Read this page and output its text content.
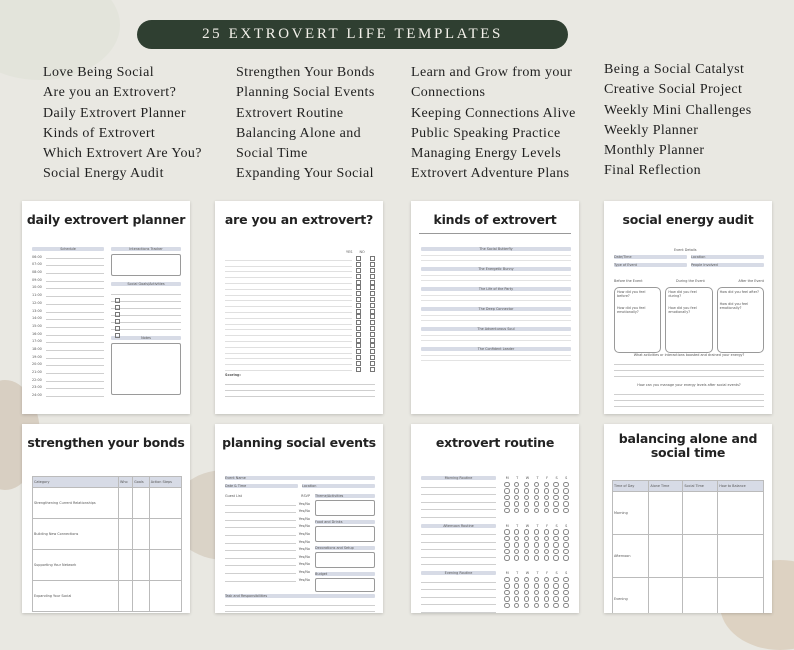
25 EXTROVERT LIFE TEMPLATES
Love Being Social
Are you an Extrovert?
Daily Extrovert Planner
Kinds of Extrovert
Which Extrovert Are You?
Social Energy Audit
Strengthen Your Bonds
Planning Social Events
Extrovert Routine
Balancing Alone and
Social Time
Expanding Your Social
Learn and Grow from your
Connections
Keeping Connections Alive
Public Speaking Practice
Managing Energy Levels
Extrovert Adventure Plans
Being a Social Catalyst
Creative Social Project
Weekly Mini Challenges
Weekly Planner
Monthly Planner
Final Reflection
daily extrovert planner

Schedule
06:00
07:00
08:00
09:00
10:00
11:00
12:00
13:00
14:00
15:00
16:00
17:00
18:00
19:00
20:00
21:00
22:00
23:00
24:00
Interactions Tracker
Social Goals/Activities
Notes
are you an extrovert?
YES NO
Scoring:
kinds of extrovert
The Social Butterfly
The Energetic Bunny
The Life of the Party
The Deep Connector
The Adventurous Soul
The Confident Leader
social energy audit
Event Details
Date/Time	Location
Type of Event	People Involved
Before the Event	During the Event	After the Event
How did you feel before?

How did you feel emotionally?
How did you feel during?

How did you feel emotionally?
How did you feel after?

How did you feel emotionally?
What activities or interactions boosted and drained your energy?
How can you manage your energy levels after social events?
strengthen your bonds
Category	Who	Goals	Action Steps
Strengthening Current Relationships			
Building New Connections			
Supporting Your Network			
Expanding Your Social			
planning social events
Event Name
Date & Time	Location
Guest List	RSVP
Yes/No
Yes/No
Yes/No
Yes/No
Yes/No
Yes/No
Yes/No
Yes/No
Yes/No
Yes/No
Yes/No
Theme/Activities
Food and Drinks
Decorations and Setup
Budget
Task and Responsibilities
extrovert routine
Morning Routine	M T W T F S S
Afternoon Routine	M T W T F S S
Evening Routine	M T W T F S S
balancing alone and social time
Time of Day	Alone Time	Social Time	How to Balance
Morning			
Afternoon			
Evening			
